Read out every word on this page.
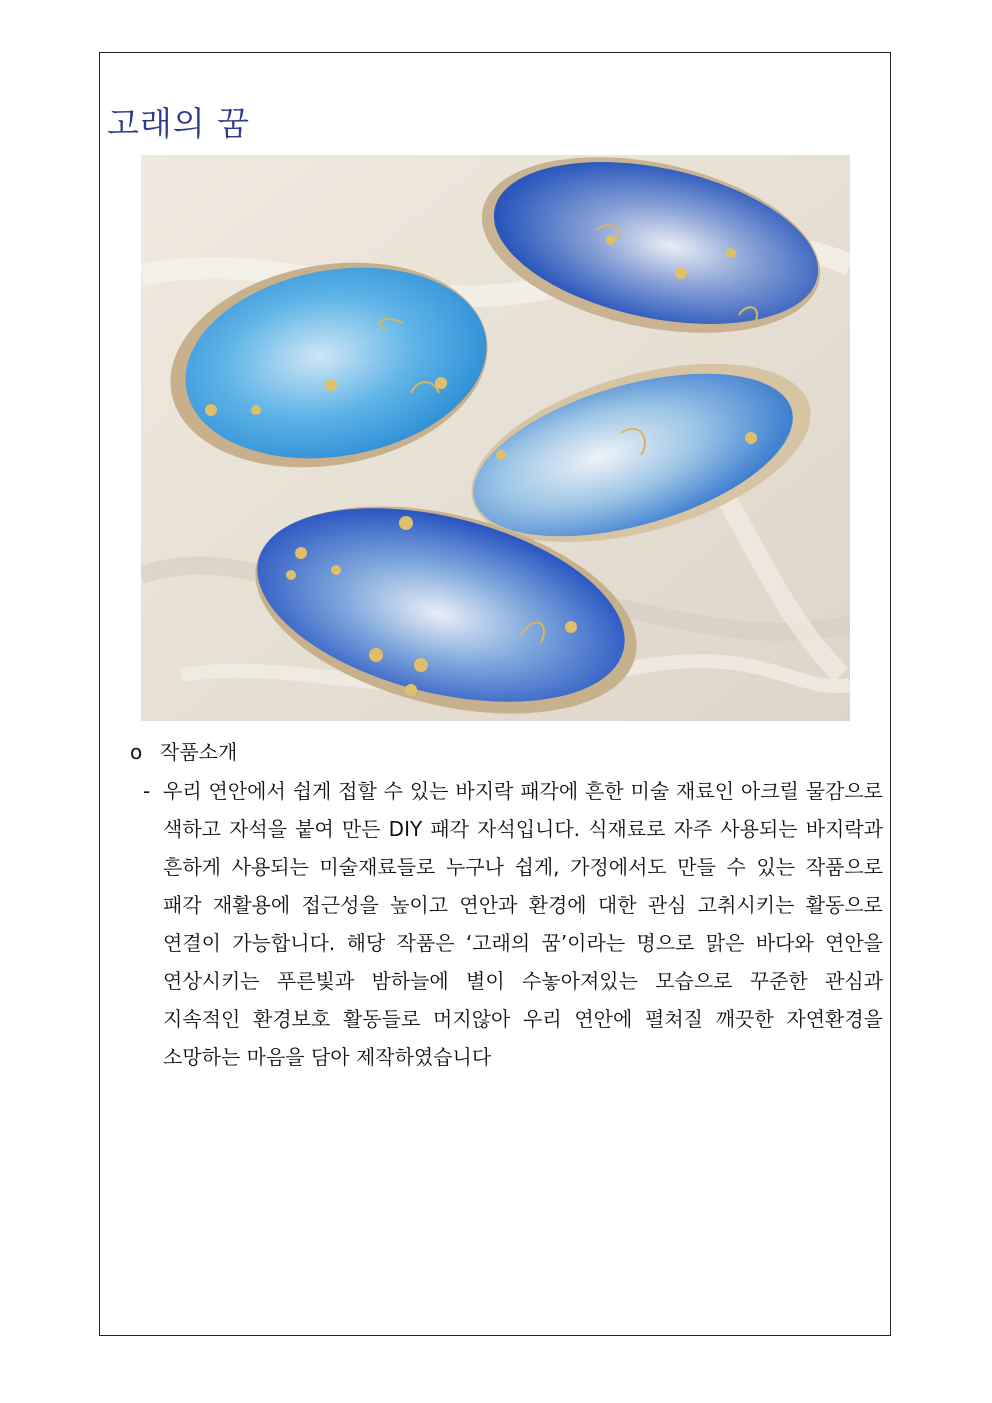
고래의 꿈
o 작품소개
- 우리 연안에서 쉽게 접할 수 있는 바지락 패각에 흔한 미술 재료인 아크릴 물감으로 색하고 자석을 붙여 만든 DIY 패각 자석입니다. 식재료로 자주 사용되는 바지락과 흔하게 사용되는 미술재료들로 누구나 쉽게, 가정에서도 만들 수 있는 작품으로 패각 재활용에 접근성을 높이고 연안과 환경에 대한 관심 고취시키는 활동으로 연결이 가능합니다. 해당 작품은 ‘고래의 꿈’이라는 명으로 맑은 바다와 연안을 연상시키는 푸른빛과 밤하늘에 별이 수놓아져있는 모습으로 꾸준한 관심과 지속적인 환경보호 활동들로 머지않아 우리 연안에 펼쳐질 깨끗한 자연환경을 소망하는 마음을 담아 제작하였습니다
